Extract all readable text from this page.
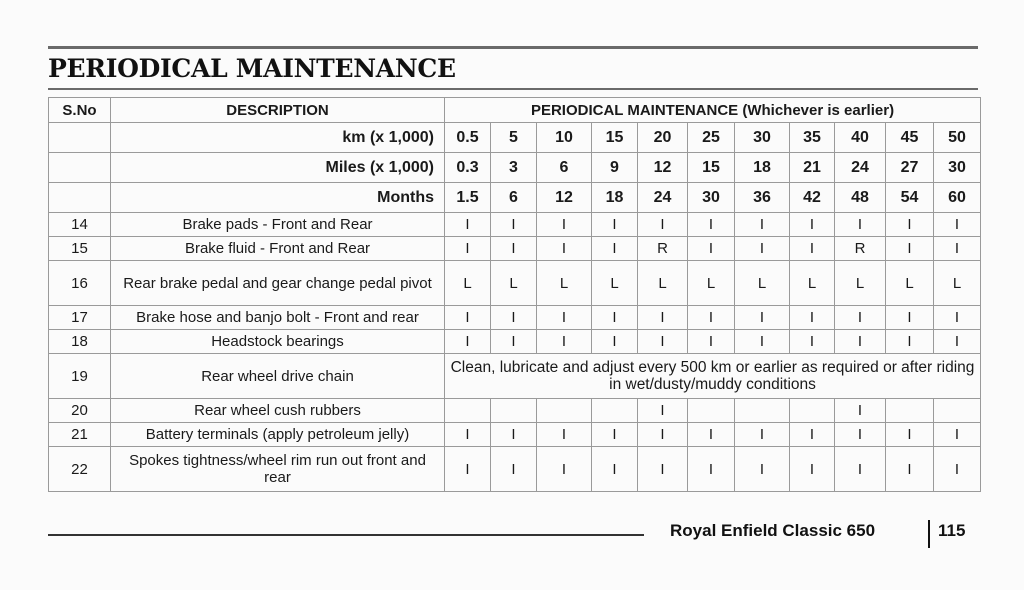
PERIODICAL MAINTENANCE
S.No	DESCRIPTION	PERIODICAL MAINTENANCE (Whichever is earlier)										
	km (x 1,000)	0.5	5	10	15	20	25	30	35	40	45	50
	Miles (x 1,000)	0.3	3	6	9	12	15	18	21	24	27	30
	Months	1.5	6	12	18	24	30	36	42	48	54	60
14	Brake pads - Front and Rear	I	I	I	I	I	I	I	I	I	I	I
15	Brake fluid - Front and Rear	I	I	I	I	R	I	I	I	R	I	I
16	Rear brake pedal and gear change pedal pivot	L	L	L	L	L	L	L	L	L	L	L
17	Brake hose and banjo bolt - Front and rear	I	I	I	I	I	I	I	I	I	I	I
18	Headstock bearings	I	I	I	I	I	I	I	I	I	I	I
19	Rear wheel drive chain	Clean, lubricate and adjust every 500 km or earlier as required or after riding in wet/dusty/muddy conditions										
20	Rear wheel cush rubbers					I				I		
21	Battery terminals (apply petroleum jelly)	I	I	I	I	I	I	I	I	I	I	I
22	Spokes tightness/wheel rim run out front and rear	I	I	I	I	I	I	I	I	I	I	I
Royal Enfield Classic 650	115
